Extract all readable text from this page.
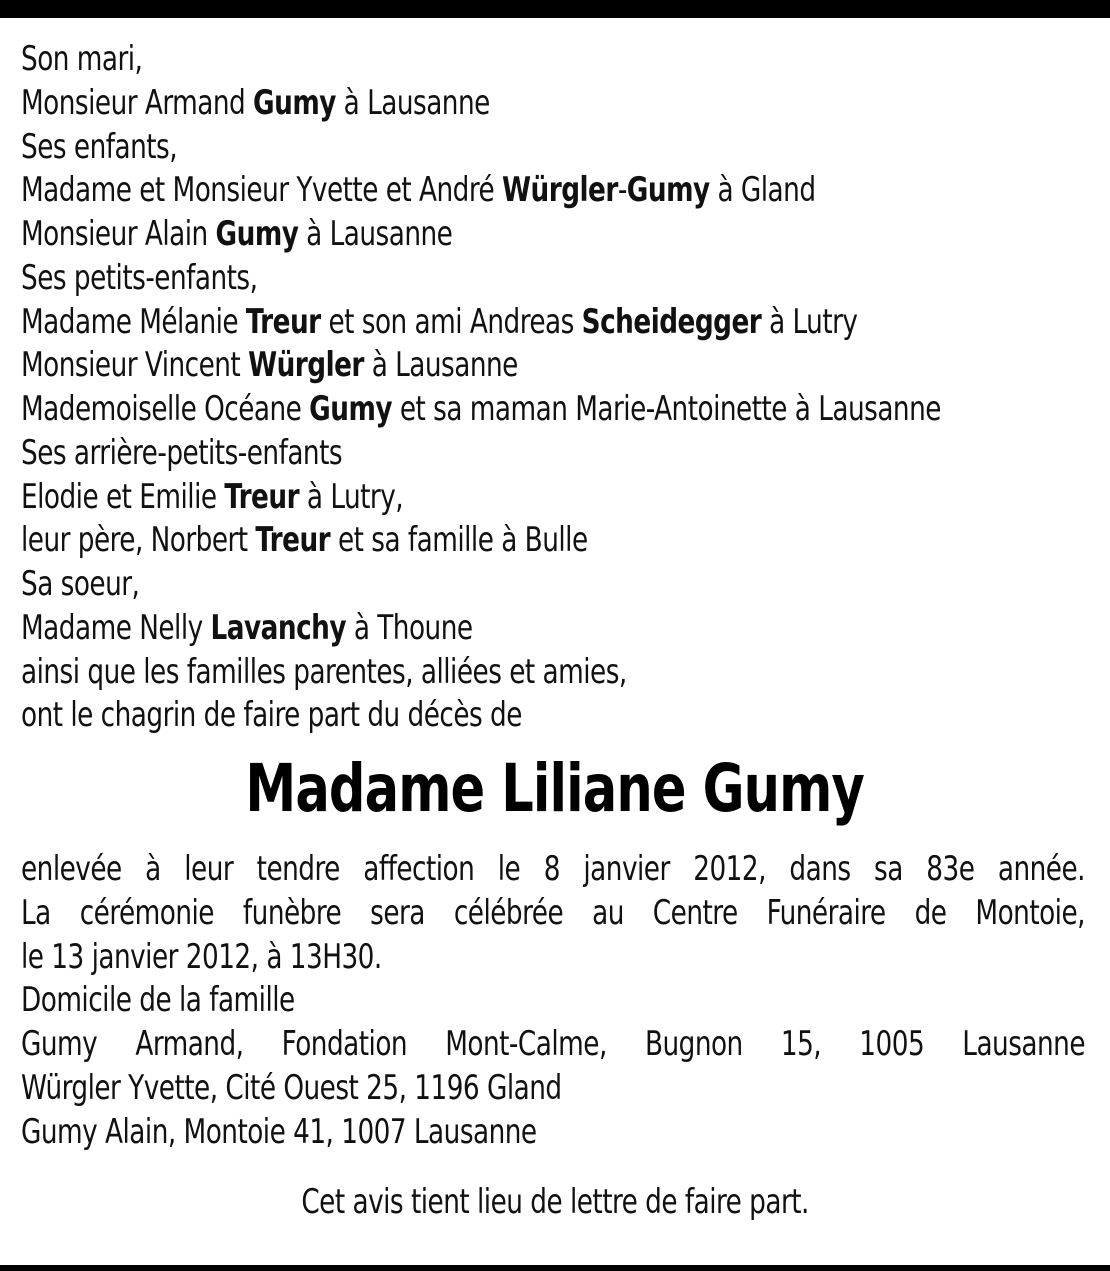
Son mari,
Monsieur Armand Gumy à Lausanne
Ses enfants,
Madame et Monsieur Yvette et André Würgler-Gumy à Gland
Monsieur Alain Gumy à Lausanne
Ses petits-enfants,
Madame Mélanie Treur et son ami Andreas Scheidegger à Lutry
Monsieur Vincent Würgler à Lausanne
Mademoiselle Océane Gumy et sa maman Marie-Antoinette à Lausanne
Ses arrière-petits-enfants
Elodie et Emilie Treur à Lutry,
leur père, Norbert Treur et sa famille à Bulle
Sa soeur,
Madame Nelly Lavanchy à Thoune
ainsi que les familles parentes, alliées et amies,
ont le chagrin de faire part du décès de
Madame Liliane Gumy
enlevée à leur tendre affection le 8 janvier 2012, dans sa 83e année.
La cérémonie funèbre sera célébrée au Centre Funéraire de Montoie,
le 13 janvier 2012, à 13H30.
Domicile de la famille
Gumy Armand, Fondation Mont-Calme, Bugnon 15, 1005 Lausanne
Würgler Yvette, Cité Ouest 25, 1196 Gland
Gumy Alain, Montoie 41, 1007 Lausanne
Cet avis tient lieu de lettre de faire part.
